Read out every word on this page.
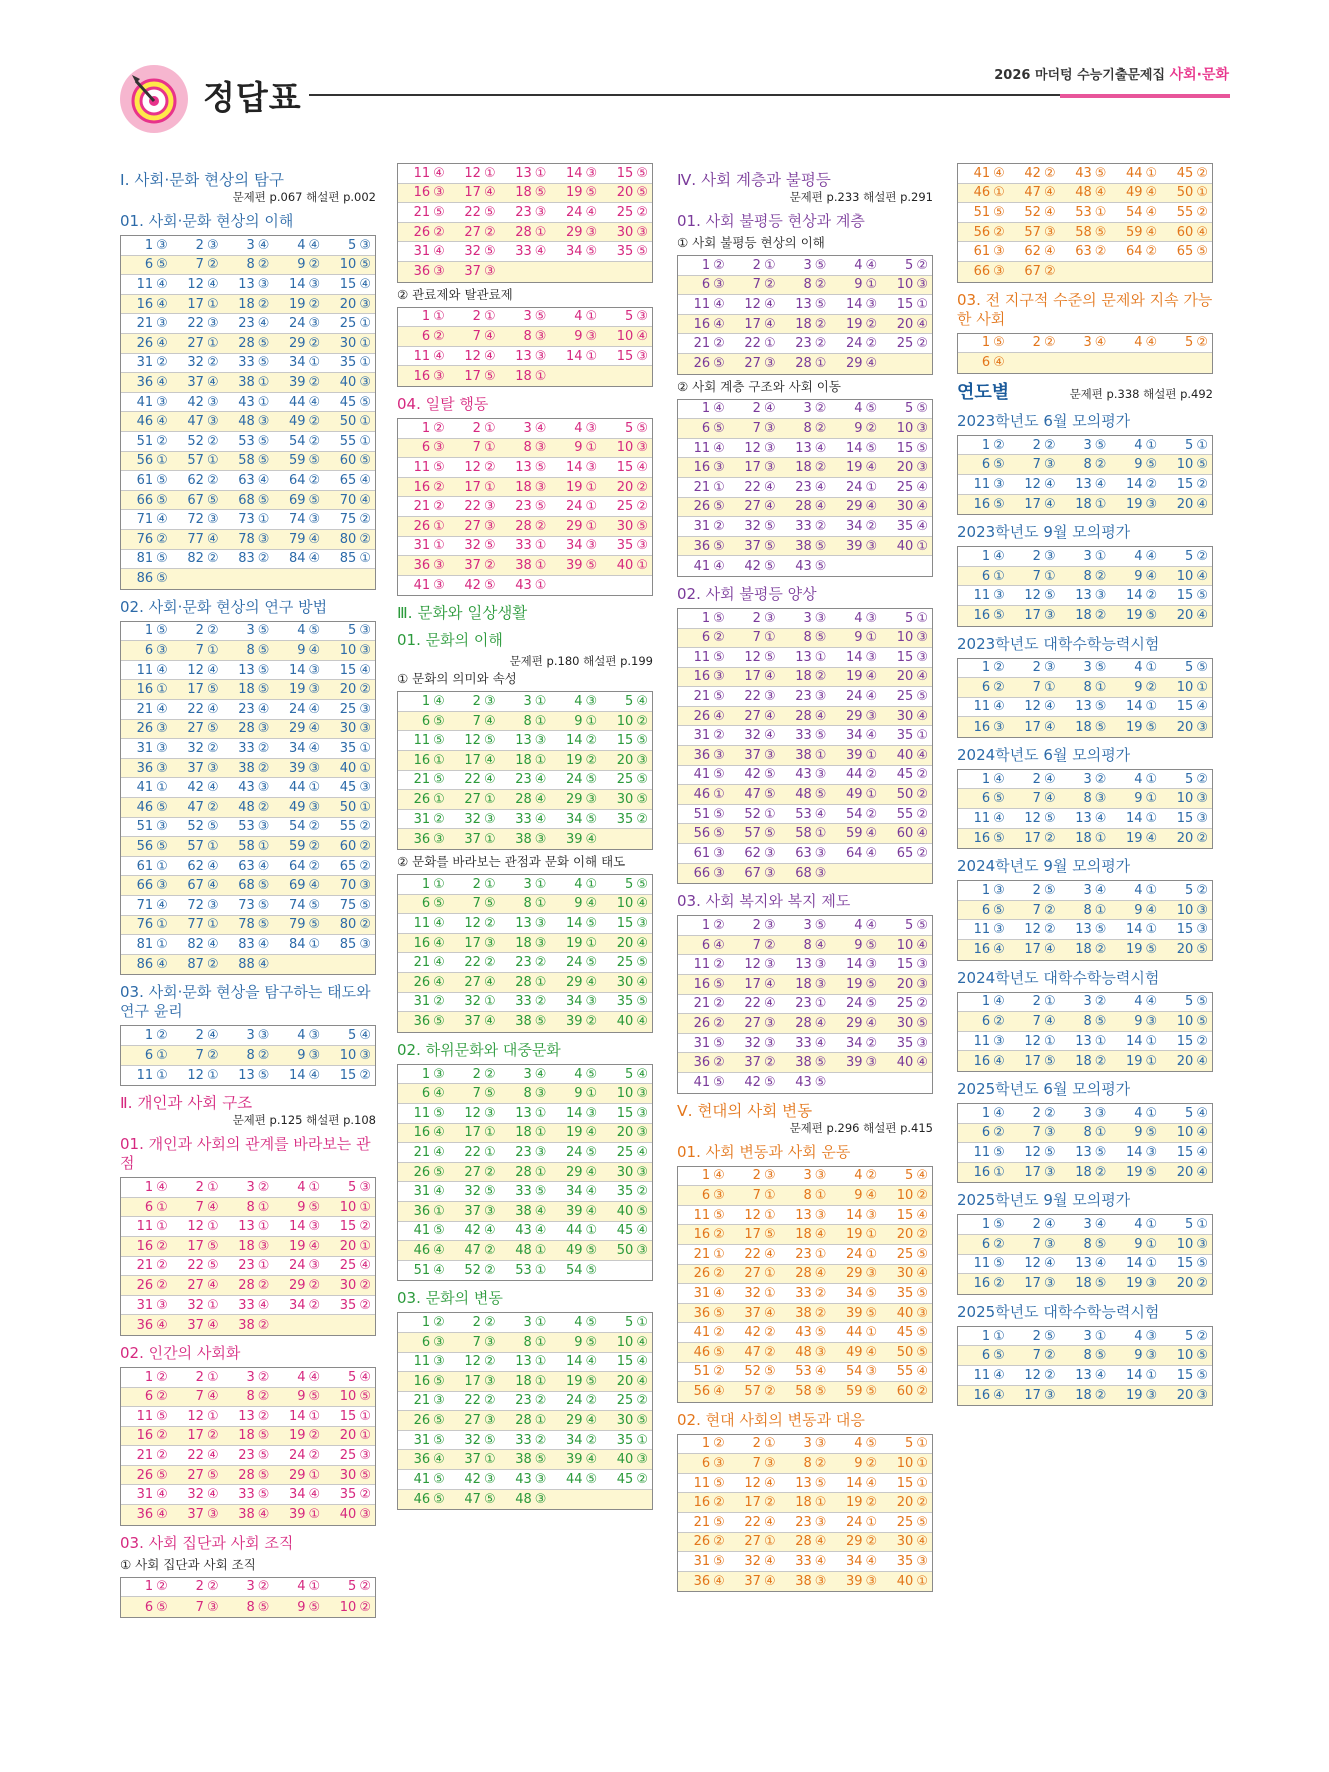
정답표
2026 마더텅 수능기출문제집 사회·문화
Ⅰ. 사회·문화 현상의 탐구
문제편 p.067 해설편 p.002
01. 사회·문화 현상의 이해
1 ③ 2 ③ 3 ④ 4 ④ 5 ③
6 ⑤ 7 ② 8 ② 9 ② 10 ⑤
11 ④ 12 ④ 13 ③ 14 ③ 15 ④
16 ④ 17 ① 18 ② 19 ② 20 ③
21 ③ 22 ③ 23 ④ 24 ③ 25 ①
26 ④ 27 ① 28 ⑤ 29 ② 30 ①
31 ② 32 ② 33 ⑤ 34 ① 35 ①
36 ④ 37 ④ 38 ① 39 ② 40 ③
41 ③ 42 ③ 43 ① 44 ④ 45 ⑤
46 ④ 47 ③ 48 ③ 49 ② 50 ①
51 ② 52 ② 53 ⑤ 54 ② 55 ①
56 ① 57 ① 58 ⑤ 59 ⑤ 60 ⑤
61 ⑤ 62 ② 63 ④ 64 ② 65 ④
66 ⑤ 67 ⑤ 68 ⑤ 69 ⑤ 70 ④
71 ④ 72 ③ 73 ① 74 ③ 75 ②
76 ② 77 ④ 78 ③ 79 ④ 80 ②
81 ⑤ 82 ② 83 ② 84 ④ 85 ①
86 ⑤
02. 사회·문화 현상의 연구 방법
1 ⑤ 2 ② 3 ⑤ 4 ⑤ 5 ③
6 ③ 7 ① 8 ⑤ 9 ④ 10 ③
11 ④ 12 ④ 13 ⑤ 14 ③ 15 ④
16 ① 17 ⑤ 18 ⑤ 19 ③ 20 ②
21 ④ 22 ④ 23 ④ 24 ④ 25 ③
26 ③ 27 ⑤ 28 ③ 29 ④ 30 ③
31 ③ 32 ② 33 ② 34 ④ 35 ①
36 ③ 37 ③ 38 ② 39 ③ 40 ①
41 ① 42 ④ 43 ③ 44 ① 45 ③
46 ⑤ 47 ② 48 ② 49 ③ 50 ①
51 ③ 52 ⑤ 53 ③ 54 ② 55 ②
56 ⑤ 57 ① 58 ① 59 ② 60 ②
61 ① 62 ④ 63 ④ 64 ② 65 ②
66 ③ 67 ④ 68 ⑤ 69 ④ 70 ③
71 ④ 72 ③ 73 ⑤ 74 ⑤ 75 ⑤
76 ① 77 ① 78 ⑤ 79 ⑤ 80 ②
81 ① 82 ④ 83 ④ 84 ① 85 ③
86 ④ 87 ② 88 ④
03. 사회·문화 현상을 탐구하는 태도와 연구 윤리
1 ② 2 ④ 3 ③ 4 ③ 5 ④
6 ① 7 ② 8 ② 9 ③ 10 ③
11 ① 12 ① 13 ⑤ 14 ④ 15 ②
Ⅱ. 개인과 사회 구조
문제편 p.125 해설편 p.108
01. 개인과 사회의 관계를 바라보는 관점
1 ④ 2 ① 3 ② 4 ① 5 ③
6 ① 7 ④ 8 ① 9 ⑤ 10 ①
11 ① 12 ① 13 ① 14 ③ 15 ②
16 ② 17 ⑤ 18 ③ 19 ④ 20 ①
21 ② 22 ⑤ 23 ① 24 ③ 25 ④
26 ② 27 ④ 28 ② 29 ② 30 ②
31 ③ 32 ① 33 ④ 34 ② 35 ②
36 ④ 37 ④ 38 ②
02. 인간의 사회화
1 ② 2 ① 3 ② 4 ④ 5 ④
6 ② 7 ④ 8 ② 9 ⑤ 10 ⑤
11 ⑤ 12 ① 13 ② 14 ① 15 ①
16 ② 17 ② 18 ⑤ 19 ② 20 ①
21 ② 22 ④ 23 ⑤ 24 ② 25 ③
26 ⑤ 27 ⑤ 28 ⑤ 29 ① 30 ⑤
31 ④ 32 ④ 33 ⑤ 34 ④ 35 ②
36 ④ 37 ③ 38 ④ 39 ① 40 ③
03. 사회 집단과 사회 조직
① 사회 집단과 사회 조직
1 ② 2 ② 3 ② 4 ① 5 ②
6 ⑤ 7 ③ 8 ⑤ 9 ⑤ 10 ②
11 ④ 12 ① 13 ① 14 ③ 15 ⑤
16 ③ 17 ④ 18 ⑤ 19 ⑤ 20 ⑤
21 ⑤ 22 ⑤ 23 ③ 24 ④ 25 ②
26 ② 27 ② 28 ① 29 ③ 30 ③
31 ④ 32 ⑤ 33 ④ 34 ⑤ 35 ⑤
36 ③ 37 ③
② 관료제와 탈관료제
1 ① 2 ① 3 ⑤ 4 ① 5 ③
6 ② 7 ④ 8 ③ 9 ③ 10 ④
11 ④ 12 ④ 13 ③ 14 ① 15 ③
16 ③ 17 ⑤ 18 ①
04. 일탈 행동
1 ② 2 ① 3 ④ 4 ③ 5 ⑤
6 ③ 7 ① 8 ③ 9 ① 10 ③
11 ⑤ 12 ② 13 ⑤ 14 ③ 15 ④
16 ② 17 ① 18 ③ 19 ① 20 ②
21 ② 22 ③ 23 ⑤ 24 ① 25 ②
26 ① 27 ③ 28 ② 29 ① 30 ⑤
31 ① 32 ⑤ 33 ① 34 ③ 35 ③
36 ③ 37 ② 38 ① 39 ⑤ 40 ①
41 ③ 42 ⑤ 43 ①
Ⅲ. 문화와 일상생활
01. 문화의 이해
문제편 p.180 해설편 p.199
① 문화의 의미와 속성
1 ④ 2 ③ 3 ① 4 ③ 5 ④
6 ⑤ 7 ④ 8 ① 9 ① 10 ②
11 ⑤ 12 ⑤ 13 ③ 14 ② 15 ⑤
16 ① 17 ④ 18 ① 19 ② 20 ③
21 ⑤ 22 ④ 23 ④ 24 ⑤ 25 ⑤
26 ① 27 ① 28 ④ 29 ③ 30 ⑤
31 ② 32 ③ 33 ④ 34 ⑤ 35 ②
36 ③ 37 ① 38 ③ 39 ④
② 문화를 바라보는 관점과 문화 이해 태도
1 ① 2 ① 3 ① 4 ① 5 ⑤
6 ⑤ 7 ⑤ 8 ① 9 ④ 10 ④
11 ④ 12 ② 13 ③ 14 ⑤ 15 ③
16 ④ 17 ③ 18 ③ 19 ① 20 ④
21 ④ 22 ② 23 ② 24 ⑤ 25 ⑤
26 ④ 27 ④ 28 ① 29 ④ 30 ④
31 ② 32 ① 33 ② 34 ③ 35 ⑤
36 ⑤ 37 ④ 38 ⑤ 39 ② 40 ④
02. 하위문화와 대중문화
1 ③ 2 ② 3 ④ 4 ⑤ 5 ④
6 ④ 7 ⑤ 8 ③ 9 ① 10 ③
11 ⑤ 12 ③ 13 ① 14 ③ 15 ③
16 ④ 17 ① 18 ① 19 ④ 20 ③
21 ④ 22 ① 23 ③ 24 ⑤ 25 ④
26 ⑤ 27 ② 28 ① 29 ④ 30 ③
31 ④ 32 ⑤ 33 ⑤ 34 ④ 35 ②
36 ① 37 ③ 38 ④ 39 ④ 40 ⑤
41 ⑤ 42 ④ 43 ④ 44 ① 45 ④
46 ④ 47 ② 48 ① 49 ⑤ 50 ③
51 ④ 52 ② 53 ① 54 ⑤
03. 문화의 변동
1 ② 2 ② 3 ① 4 ⑤ 5 ①
6 ③ 7 ③ 8 ① 9 ⑤ 10 ④
11 ③ 12 ② 13 ① 14 ④ 15 ④
16 ⑤ 17 ③ 18 ① 19 ⑤ 20 ④
21 ③ 22 ② 23 ② 24 ② 25 ②
26 ⑤ 27 ③ 28 ① 29 ④ 30 ⑤
31 ⑤ 32 ⑤ 33 ② 34 ② 35 ①
36 ④ 37 ① 38 ⑤ 39 ④ 40 ③
41 ⑤ 42 ③ 43 ③ 44 ⑤ 45 ②
46 ⑤ 47 ⑤ 48 ③
Ⅳ. 사회 계층과 불평등
문제편 p.233 해설편 p.291
01. 사회 불평등 현상과 계층
① 사회 불평등 현상의 이해
1 ② 2 ① 3 ⑤ 4 ④ 5 ②
6 ③ 7 ② 8 ② 9 ① 10 ③
11 ④ 12 ④ 13 ⑤ 14 ③ 15 ①
16 ④ 17 ④ 18 ② 19 ② 20 ④
21 ② 22 ① 23 ② 24 ② 25 ②
26 ⑤ 27 ③ 28 ① 29 ④
② 사회 계층 구조와 사회 이동
1 ④ 2 ④ 3 ② 4 ⑤ 5 ⑤
6 ⑤ 7 ③ 8 ② 9 ② 10 ③
11 ④ 12 ③ 13 ④ 14 ⑤ 15 ⑤
16 ③ 17 ③ 18 ② 19 ④ 20 ③
21 ① 22 ④ 23 ④ 24 ① 25 ④
26 ⑤ 27 ④ 28 ④ 29 ④ 30 ④
31 ② 32 ⑤ 33 ② 34 ② 35 ④
36 ⑤ 37 ⑤ 38 ⑤ 39 ③ 40 ①
41 ④ 42 ⑤ 43 ⑤
02. 사회 불평등 양상
1 ⑤ 2 ③ 3 ③ 4 ③ 5 ①
6 ② 7 ① 8 ⑤ 9 ① 10 ③
11 ⑤ 12 ⑤ 13 ① 14 ③ 15 ③
16 ③ 17 ④ 18 ② 19 ④ 20 ④
21 ⑤ 22 ③ 23 ③ 24 ④ 25 ⑤
26 ④ 27 ④ 28 ④ 29 ③ 30 ④
31 ② 32 ④ 33 ⑤ 34 ④ 35 ①
36 ③ 37 ③ 38 ① 39 ① 40 ④
41 ⑤ 42 ⑤ 43 ③ 44 ② 45 ②
46 ① 47 ⑤ 48 ⑤ 49 ① 50 ②
51 ⑤ 52 ① 53 ④ 54 ② 55 ②
56 ⑤ 57 ⑤ 58 ① 59 ④ 60 ④
61 ③ 62 ③ 63 ③ 64 ④ 65 ②
66 ③ 67 ③ 68 ③
03. 사회 복지와 복지 제도
1 ② 2 ③ 3 ⑤ 4 ④ 5 ⑤
6 ④ 7 ② 8 ④ 9 ⑤ 10 ④
11 ② 12 ③ 13 ③ 14 ③ 15 ③
16 ⑤ 17 ④ 18 ③ 19 ⑤ 20 ③
21 ② 22 ④ 23 ① 24 ⑤ 25 ②
26 ② 27 ③ 28 ④ 29 ④ 30 ⑤
31 ⑤ 32 ③ 33 ④ 34 ② 35 ③
36 ② 37 ② 38 ⑤ 39 ③ 40 ④
41 ⑤ 42 ⑤ 43 ⑤
Ⅴ. 현대의 사회 변동
문제편 p.296 해설편 p.415
01. 사회 변동과 사회 운동
1 ④ 2 ③ 3 ③ 4 ② 5 ④
6 ③ 7 ① 8 ① 9 ④ 10 ②
11 ⑤ 12 ① 13 ③ 14 ③ 15 ④
16 ② 17 ⑤ 18 ④ 19 ① 20 ②
21 ① 22 ④ 23 ① 24 ① 25 ⑤
26 ② 27 ① 28 ④ 29 ③ 30 ④
31 ④ 32 ① 33 ② 34 ⑤ 35 ⑤
36 ⑤ 37 ④ 38 ② 39 ⑤ 40 ③
41 ② 42 ② 43 ⑤ 44 ① 45 ⑤
46 ⑤ 47 ② 48 ③ 49 ④ 50 ⑤
51 ② 52 ⑤ 53 ④ 54 ③ 55 ④
56 ④ 57 ② 58 ⑤ 59 ⑤ 60 ②
02. 현대 사회의 변동과 대응
1 ② 2 ① 3 ③ 4 ⑤ 5 ①
6 ③ 7 ③ 8 ② 9 ② 10 ①
11 ⑤ 12 ④ 13 ⑤ 14 ④ 15 ①
16 ② 17 ② 18 ① 19 ② 20 ②
21 ⑤ 22 ④ 23 ③ 24 ① 25 ⑤
26 ② 27 ① 28 ④ 29 ② 30 ④
31 ⑤ 32 ④ 33 ④ 34 ④ 35 ③
36 ④ 37 ④ 38 ③ 39 ③ 40 ①
41 ④ 42 ② 43 ⑤ 44 ① 45 ②
46 ① 47 ④ 48 ④ 49 ④ 50 ①
51 ⑤ 52 ④ 53 ① 54 ④ 55 ②
56 ② 57 ③ 58 ⑤ 59 ④ 60 ④
61 ③ 62 ④ 63 ② 64 ② 65 ⑤
66 ③ 67 ②
03. 전 지구적 수준의 문제와 지속 가능한 사회
1 ⑤ 2 ② 3 ④ 4 ④ 5 ②
6 ④
연도별	문제편 p.338 해설편 p.492
2023학년도 6월 모의평가
1 ② 2 ② 3 ⑤ 4 ① 5 ①
6 ⑤ 7 ③ 8 ② 9 ⑤ 10 ⑤
11 ③ 12 ④ 13 ④ 14 ② 15 ②
16 ⑤ 17 ④ 18 ① 19 ③ 20 ④
2023학년도 9월 모의평가
1 ④ 2 ③ 3 ① 4 ④ 5 ②
6 ① 7 ① 8 ② 9 ④ 10 ④
11 ③ 12 ⑤ 13 ③ 14 ② 15 ⑤
16 ⑤ 17 ③ 18 ② 19 ⑤ 20 ④
2023학년도 대학수학능력시험
1 ② 2 ③ 3 ⑤ 4 ① 5 ⑤
6 ② 7 ① 8 ① 9 ② 10 ①
11 ④ 12 ④ 13 ⑤ 14 ① 15 ④
16 ③ 17 ④ 18 ⑤ 19 ⑤ 20 ③
2024학년도 6월 모의평가
1 ④ 2 ④ 3 ② 4 ① 5 ②
6 ⑤ 7 ④ 8 ③ 9 ① 10 ③
11 ④ 12 ⑤ 13 ④ 14 ① 15 ③
16 ⑤ 17 ② 18 ① 19 ④ 20 ②
2024학년도 9월 모의평가
1 ③ 2 ⑤ 3 ④ 4 ① 5 ②
6 ⑤ 7 ② 8 ① 9 ④ 10 ③
11 ③ 12 ② 13 ⑤ 14 ① 15 ③
16 ④ 17 ④ 18 ② 19 ⑤ 20 ⑤
2024학년도 대학수학능력시험
1 ④ 2 ① 3 ② 4 ④ 5 ⑤
6 ② 7 ④ 8 ⑤ 9 ③ 10 ⑤
11 ③ 12 ① 13 ① 14 ① 15 ②
16 ④ 17 ⑤ 18 ② 19 ① 20 ④
2025학년도 6월 모의평가
1 ④ 2 ② 3 ③ 4 ① 5 ④
6 ② 7 ③ 8 ① 9 ⑤ 10 ④
11 ⑤ 12 ⑤ 13 ⑤ 14 ③ 15 ④
16 ① 17 ③ 18 ② 19 ⑤ 20 ④
2025학년도 9월 모의평가
1 ⑤ 2 ④ 3 ④ 4 ① 5 ①
6 ② 7 ③ 8 ⑤ 9 ① 10 ③
11 ⑤ 12 ④ 13 ④ 14 ① 15 ⑤
16 ② 17 ③ 18 ⑤ 19 ③ 20 ②
2025학년도 대학수학능력시험
1 ① 2 ⑤ 3 ① 4 ③ 5 ②
6 ⑤ 7 ② 8 ⑤ 9 ③ 10 ⑤
11 ④ 12 ② 13 ④ 14 ① 15 ⑤
16 ④ 17 ③ 18 ② 19 ③ 20 ③
